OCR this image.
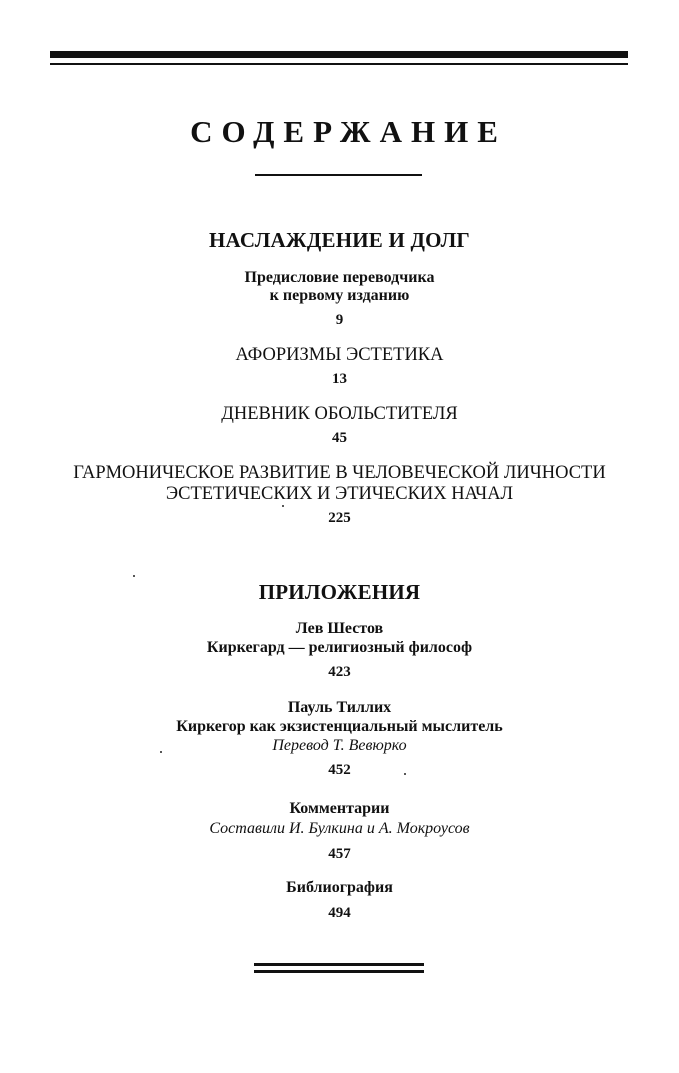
СОДЕРЖАНИЕ
НАСЛАЖДЕНИЕ И ДОЛГ
Предисловие переводчика
к первому изданию
9
АФОРИЗМЫ ЭСТЕТИКА
13
ДНЕВНИК ОБОЛЬСТИТЕЛЯ
45
ГАРМОНИЧЕСКОЕ РАЗВИТИЕ В ЧЕЛОВЕЧЕСКОЙ ЛИЧНОСТИ
ЭСТЕТИЧЕСКИХ И ЭТИЧЕСКИХ НАЧАЛ
225
ПРИЛОЖЕНИЯ
Лев Шестов
Киркегард — религиозный философ
423
Пауль Тиллих
Киркегор как экзистенциальный мыслитель
Перевод Т. Вевюрко
452
Комментарии
Составили И. Булкина и А. Мокроусов
457
Библиография
494
